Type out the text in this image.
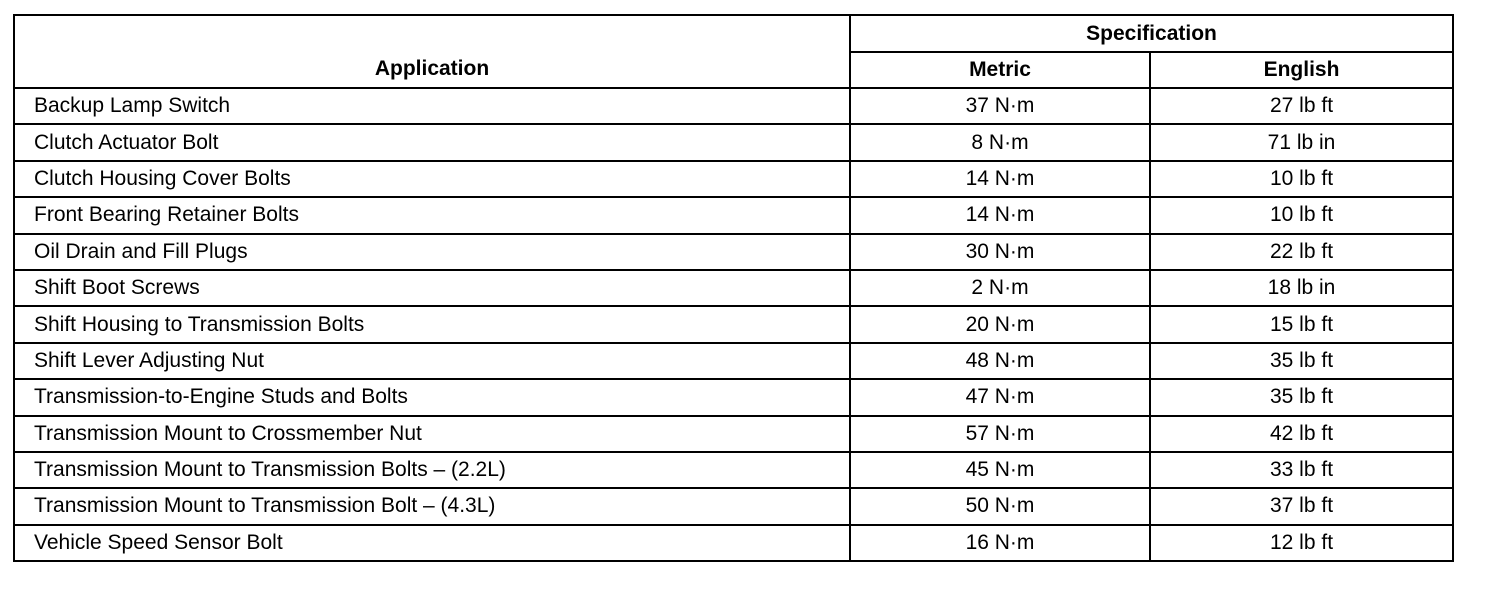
Application	Specification	
	Metric	English
Backup Lamp Switch	37 N·m	27 lb ft
Clutch Actuator Bolt	8 N·m	71 lb in
Clutch Housing Cover Bolts	14 N·m	10 lb ft
Front Bearing Retainer Bolts	14 N·m	10 lb ft
Oil Drain and Fill Plugs	30 N·m	22 lb ft
Shift Boot Screws	2 N·m	18 lb in
Shift Housing to Transmission Bolts	20 N·m	15 lb ft
Shift Lever Adjusting Nut	48 N·m	35 lb ft
Transmission-to-Engine Studs and Bolts	47 N·m	35 lb ft
Transmission Mount to Crossmember Nut	57 N·m	42 lb ft
Transmission Mount to Transmission Bolts – (2.2L)	45 N·m	33 lb ft
Transmission Mount to Transmission Bolt – (4.3L)	50 N·m	37 lb ft
Vehicle Speed Sensor Bolt	16 N·m	12 lb ft
